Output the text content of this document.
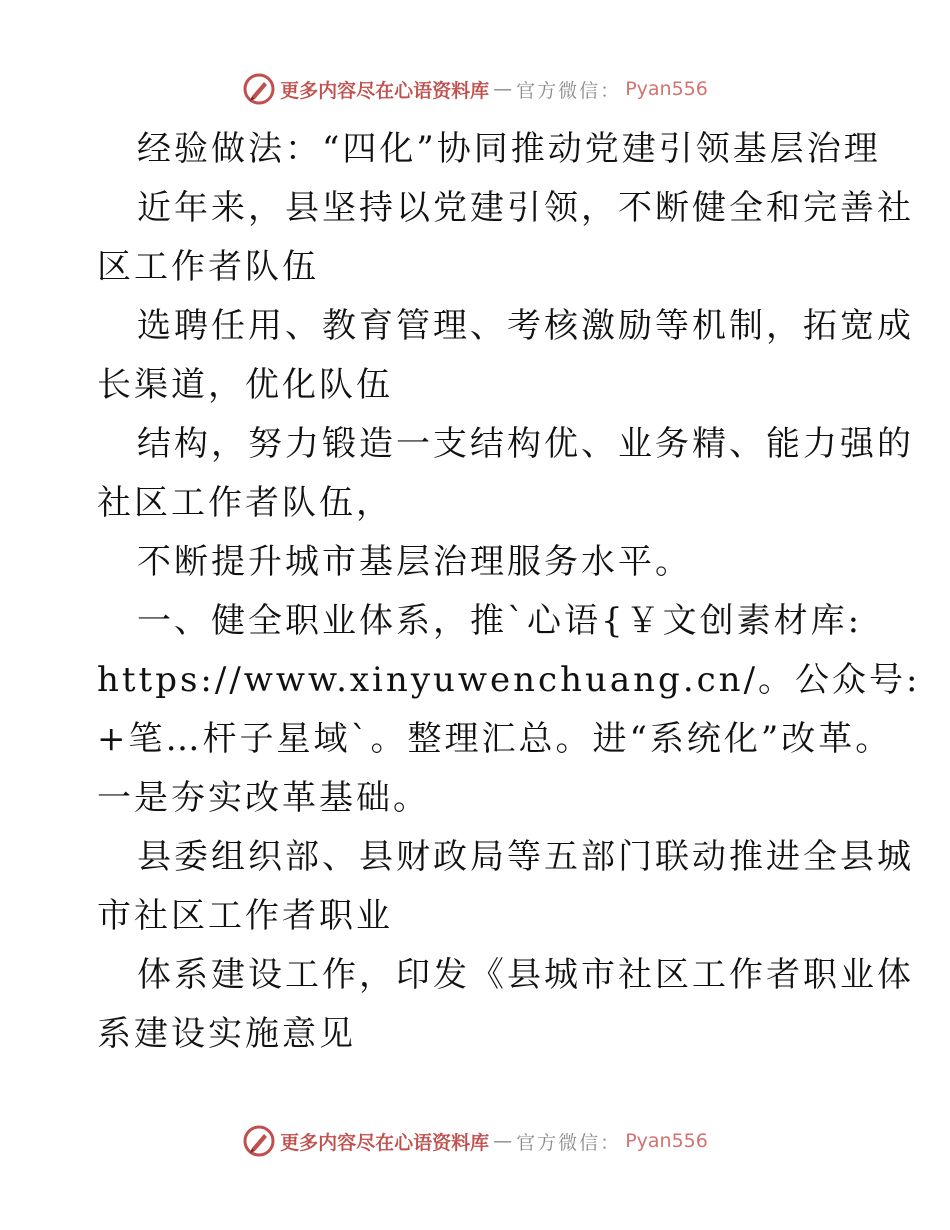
更多内容尽在心语资料库 — 官方微信： Pyan556

经验做法：“四化”协同推动党建引领基层治理

近年来，县坚持以党建引领，不断健全和完善社

区工作者队伍

选聘任用、教育管理、考核激励等机制，拓宽成

长渠道，优化队伍

结构，努力锻造一支结构优、业务精、能力强的

社区工作者队伍，

不断提升城市基层治理服务水平。

一、健全职业体系，推`心语{￥文创素材库:

https://www.xinyuwenchuang.cn/。公众号:

+笔…杆子星域`。整理汇总。进“系统化”改革。

一是夯实改革基础。

县委组织部、县财政局等五部门联动推进全县城

市社区工作者职业

体系建设工作，印发《县城市社区工作者职业体

系建设实施意见

更多内容尽在心语资料库 — 官方微信： Pyan556
